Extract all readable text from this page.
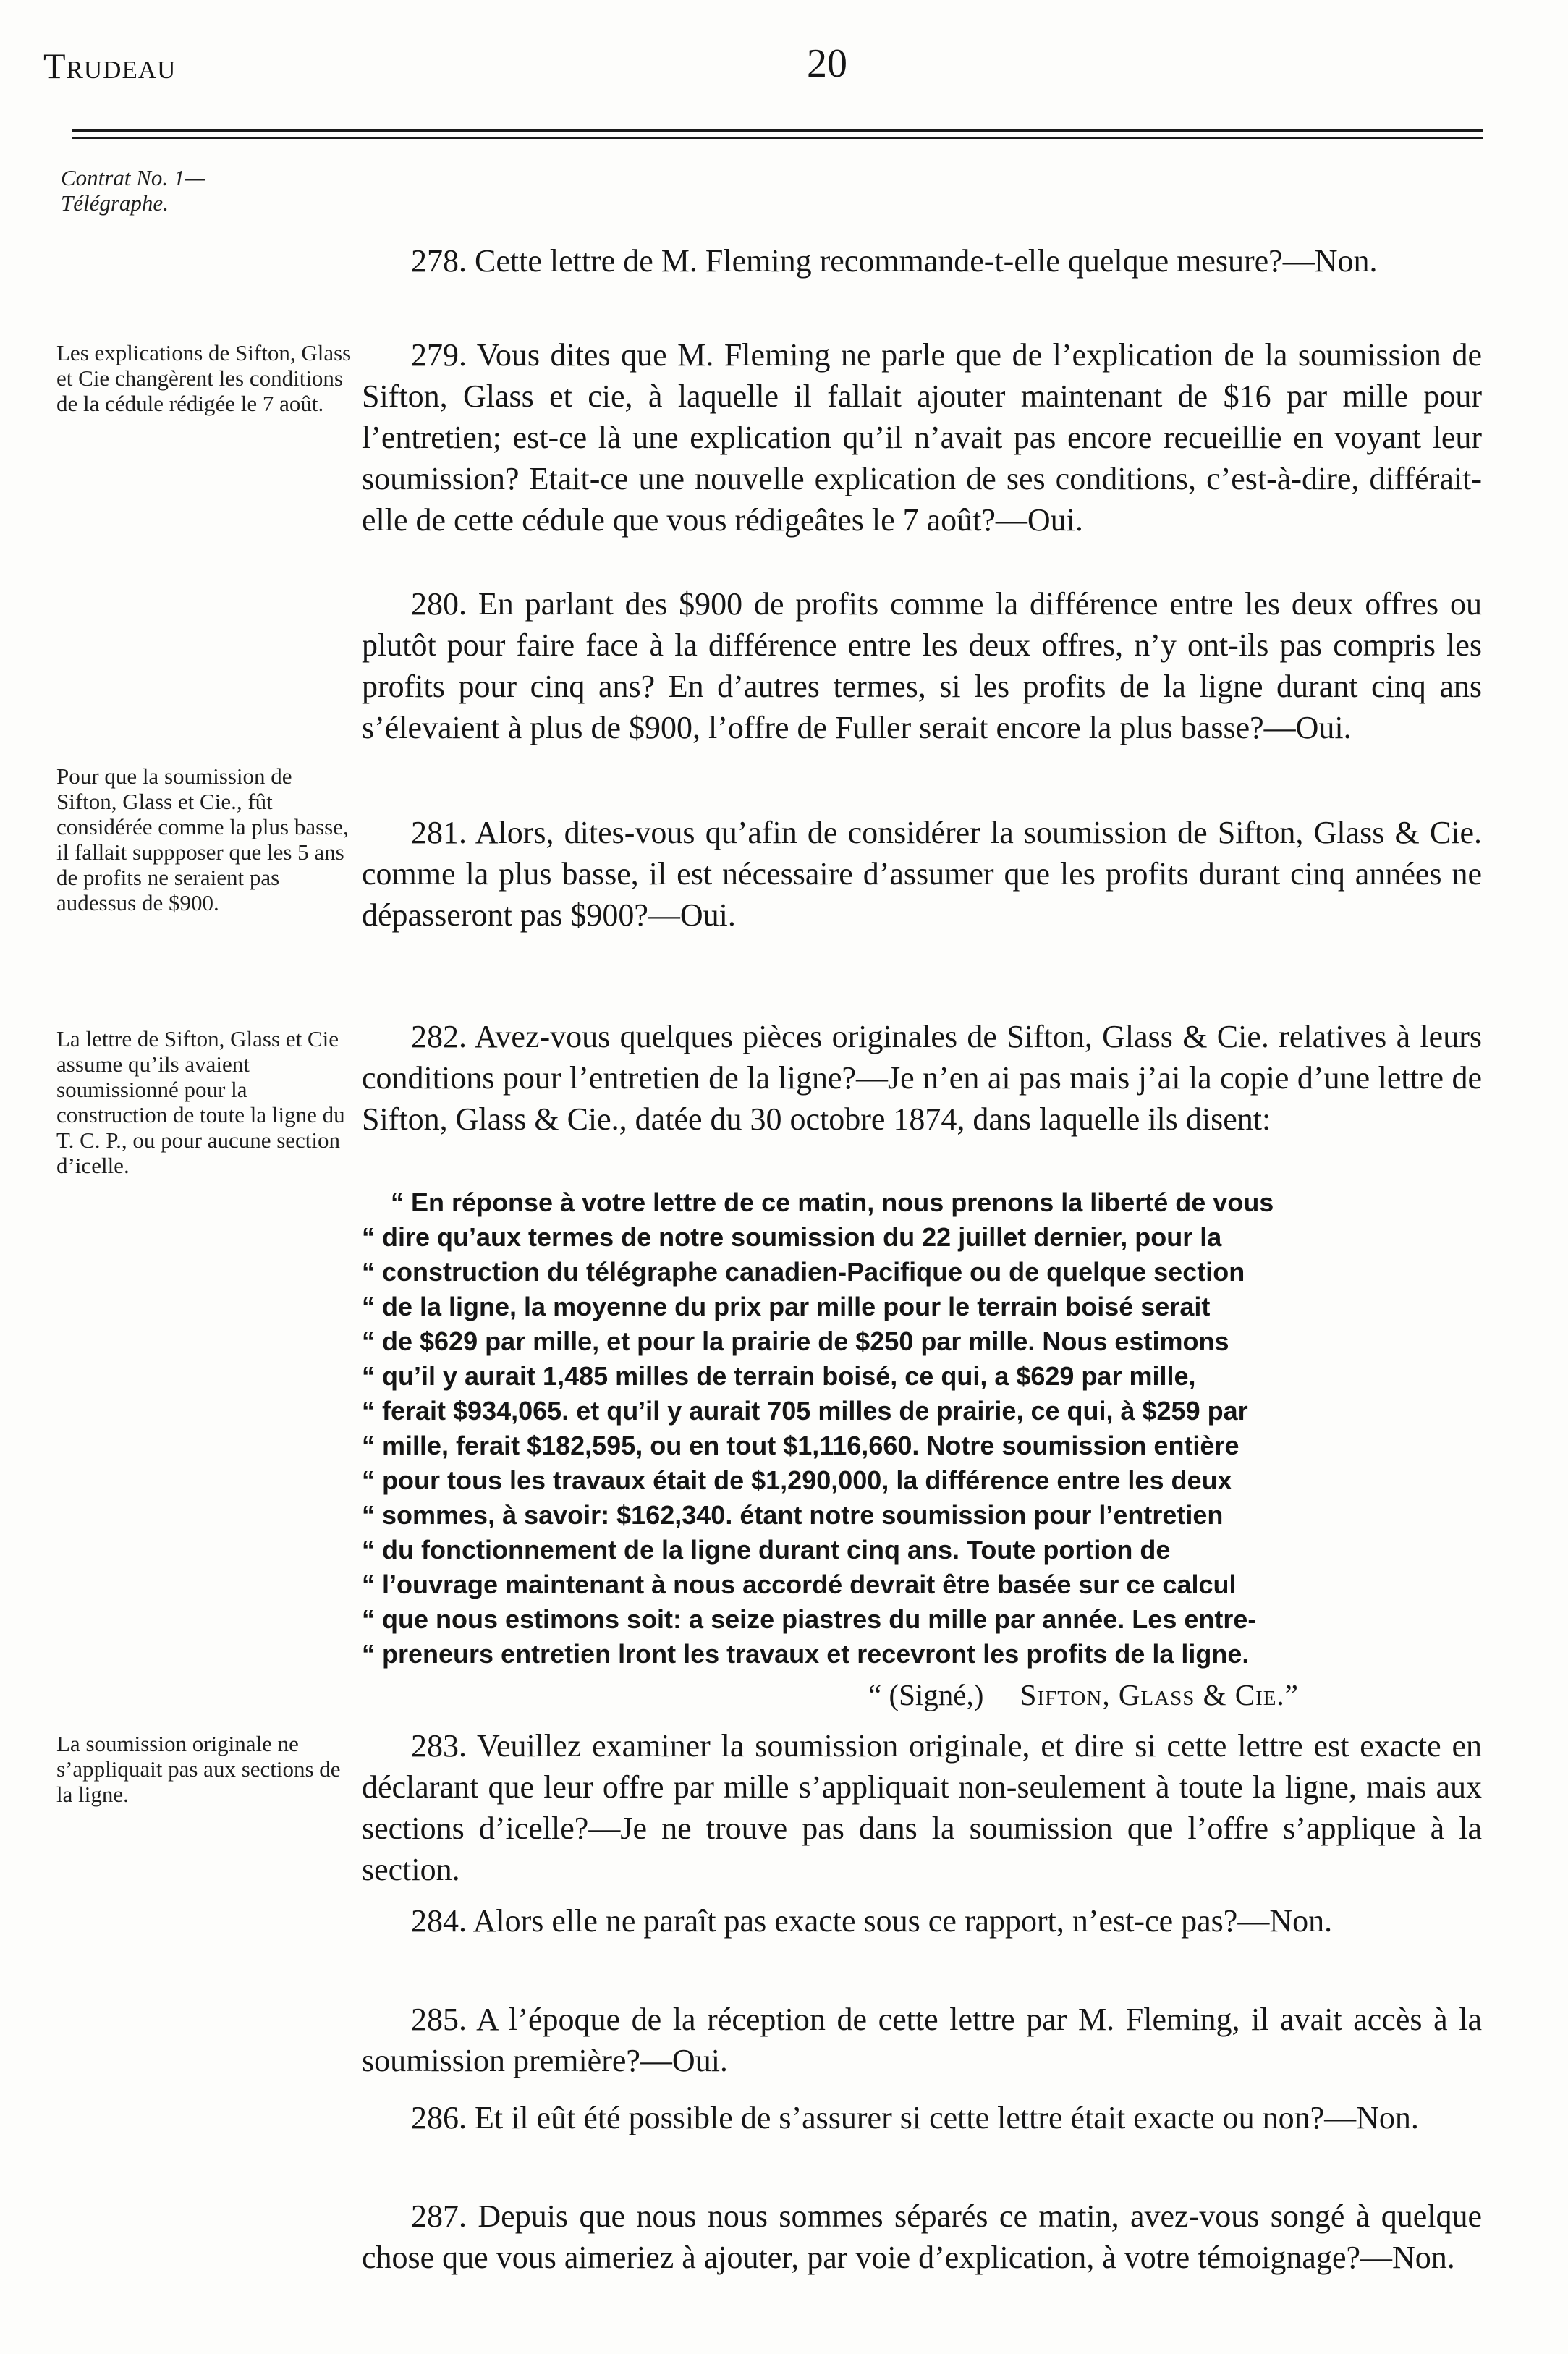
Trudeau	20
Contrat No. 1—
Télégraphe.
Les explications de Sifton, Glass et Cie changèrent les conditions de la cédule rédigée le 7 août.
Pour que la soumission de Sifton, Glass et Cie., fût considérée comme la plus basse, il fallait suppposer que les 5 ans de profits ne seraient pas audessus de $900.
La lettre de Sifton, Glass et Cie assume qu’ils avaient soumissionné pour la construction de toute la ligne du T. C. P., ou pour aucune section d’icelle.
La soumission originale ne s’appliquait pas aux sections de la ligne.

278. Cette lettre de M. Fleming recommande-t-elle quelque mesure?—Non.

279. Vous dites que M. Fleming ne parle que de l’explication de la soumission de Sifton, Glass et cie, à laquelle il fallait ajouter maintenant de $16 par mille pour l’entretien; est-ce là une explication qu’il n’avait pas encore recueillie en voyant leur soumission? Etait-ce une nouvelle explication de ses conditions, c’est-à-dire, différait-elle de cette cédule que vous rédigeâtes le 7 août?—Oui.

280. En parlant des $900 de profits comme la différence entre les deux offres ou plutôt pour faire face à la différence entre les deux offres, n’y ont-ils pas compris les profits pour cinq ans? En d’autres termes, si les profits de la ligne durant cinq ans s’élevaient à plus de $900, l’offre de Fuller serait encore la plus basse?—Oui.

281. Alors, dites-vous qu’afin de considérer la soumission de Sifton, Glass & Cie. comme la plus basse, il est nécessaire d’assumer que les profits durant cinq années ne dépasseront pas $900?—Oui.

282. Avez-vous quelques pièces originales de Sifton, Glass & Cie. relatives à leurs conditions pour l’entretien de la ligne?—Je n’en ai pas mais j’ai la copie d’une lettre de Sifton, Glass & Cie., datée du 30 octobre 1874, dans laquelle ils disent:

“ En réponse à votre lettre de ce matin, nous prenons la liberté de vous
“ dire qu’aux termes de notre soumission du 22 juillet dernier, pour la
“ construction du télégraphe canadien-Pacifique ou de quelque section
“ de la ligne, la moyenne du prix par mille pour le terrain boisé serait
“ de $629 par mille, et pour la prairie de $250 par mille. Nous estimons
“ qu’il y aurait 1,485 milles de terrain boisé, ce qui, a $629 par mille,
“ ferait $934,065. et qu’il y aurait 705 milles de prairie, ce qui, à $259 par
“ mille, ferait $182,595, ou en tout $1,116,660. Notre soumission entière
“ pour tous les travaux était de $1,290,000, la différence entre les deux
“ sommes, à savoir: $162,340. étant notre soumission pour l’entretien
“ du fonctionnement de la ligne durant cinq ans. Toute portion de
“ l’ouvrage maintenant à nous accordé devrait être basée sur ce calcul
“ que nous estimons soit: a seize piastres du mille par année. Les entre-
“ preneurs entretien lront les travaux et recevront les profits de la ligne.
“ (Signé,) Sifton, Glass & Cie.”

283. Veuillez examiner la soumission originale, et dire si cette lettre est exacte en déclarant que leur offre par mille s’appliquait non-seulement à toute la ligne, mais aux sections d’icelle?—Je ne trouve pas dans la soumission que l’offre s’applique à la section.

284. Alors elle ne paraît pas exacte sous ce rapport, n’est-ce pas?—Non.

285. A l’époque de la réception de cette lettre par M. Fleming, il avait accès à la soumission première?—Oui.

286. Et il eût été possible de s’assurer si cette lettre était exacte ou non?—Non.

287. Depuis que nous nous sommes séparés ce matin, avez-vous songé à quelque chose que vous aimeriez à ajouter, par voie d’explication, à votre témoignage?—Non.
